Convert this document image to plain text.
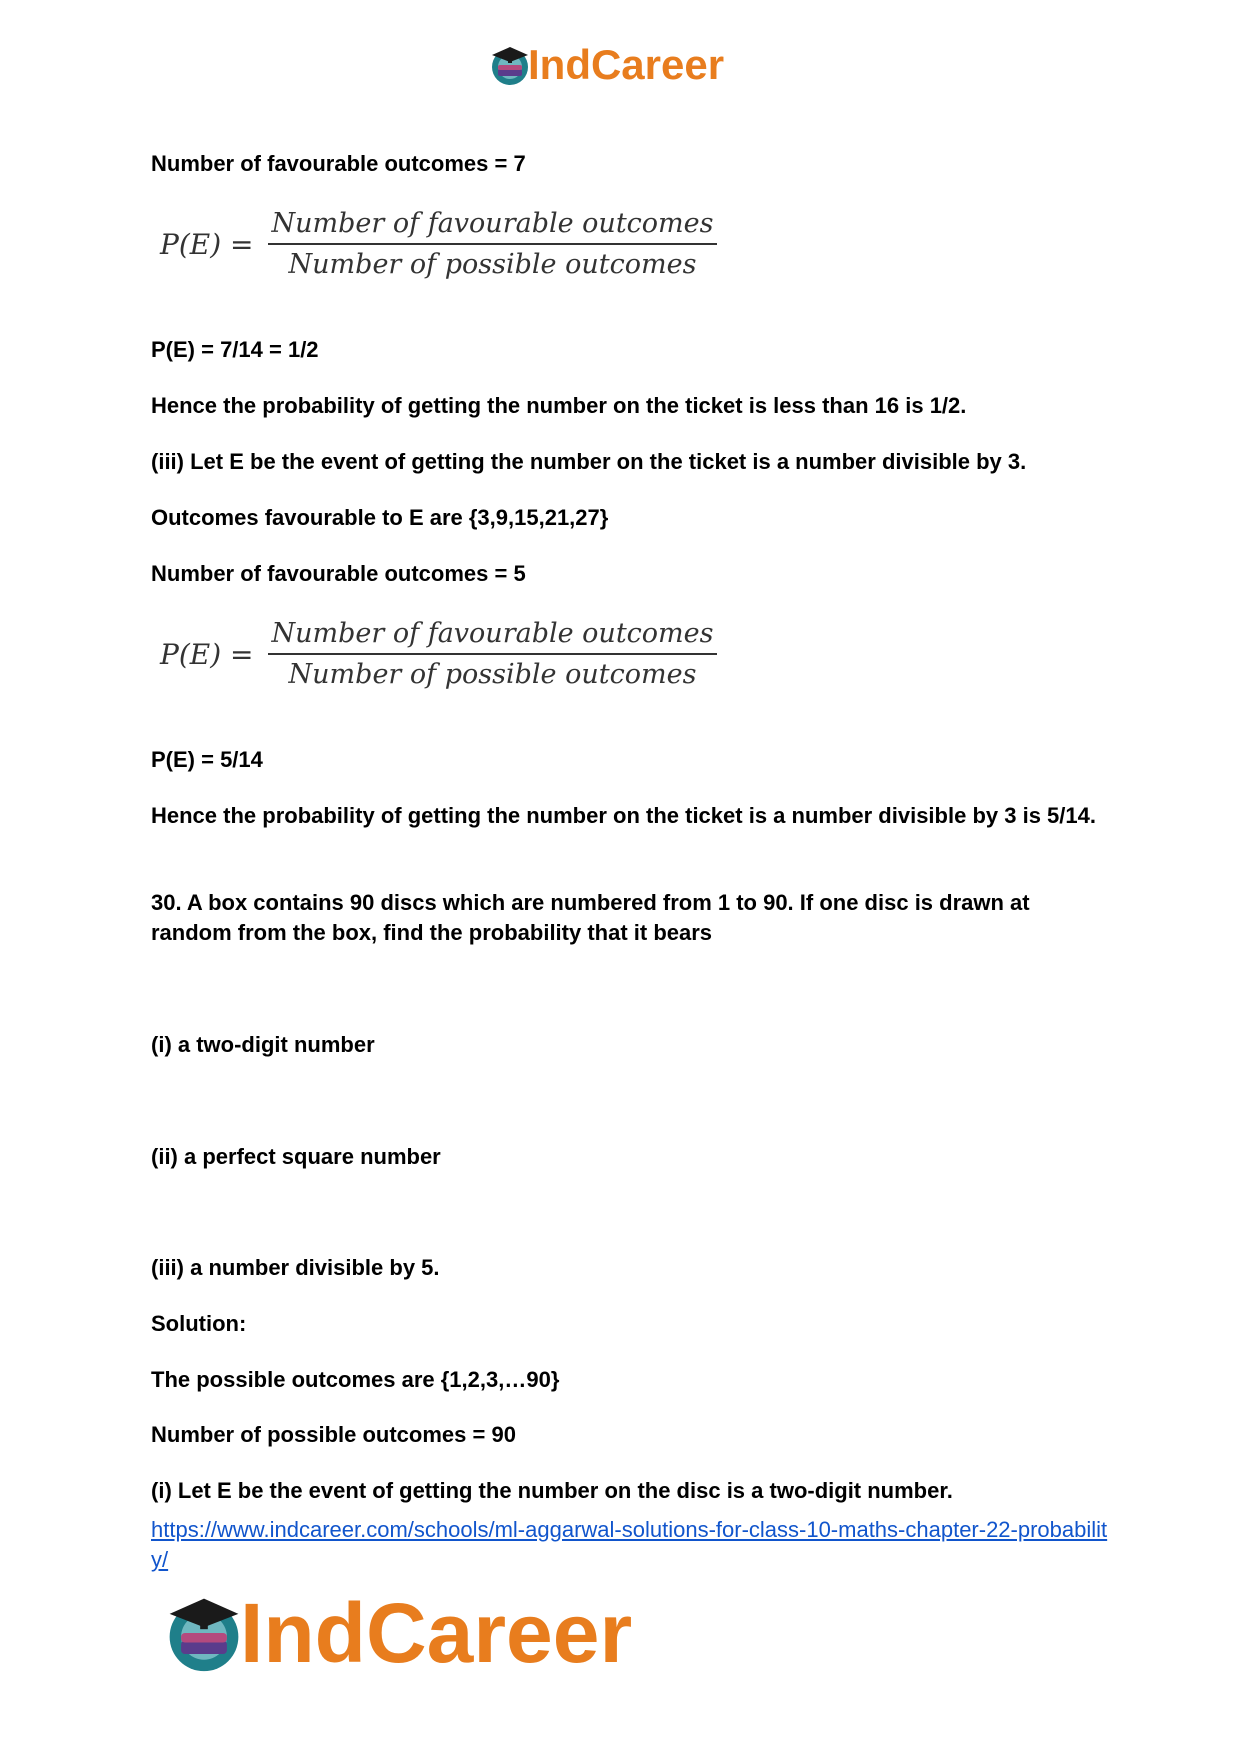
IndCareer
Number of favourable outcomes = 7
$P(E) = \frac{\text{Number of favourable outcomes}}{\text{Number of possible outcomes}}$
P(E) = 7/14 = 1/2
Hence the probability of getting the number on the ticket is less than 16 is 1/2.
(iii) Let E be the event of getting the number on the ticket is a number divisible by 3.
Outcomes favourable to E are {3,9,15,21,27}
Number of favourable outcomes = 5
$P(E) = \frac{\text{Number of favourable outcomes}}{\text{Number of possible outcomes}}$
P(E) = 5/14
Hence the probability of getting the number on the ticket is a number divisible by 3 is 5/14.
30. A box contains 90 discs which are numbered from 1 to 90. If one disc is drawn at random from the box, find the probability that it bears
(i) a two-digit number
(ii) a perfect square number
(iii) a number divisible by 5.
Solution:
The possible outcomes are {1,2,3,…90}
Number of possible outcomes = 90
(i) Let E be the event of getting the number on the disc is a two-digit number.
https://www.indcareer.com/schools/ml-aggarwal-solutions-for-class-10-maths-chapter-22-probability/
IndCareer
